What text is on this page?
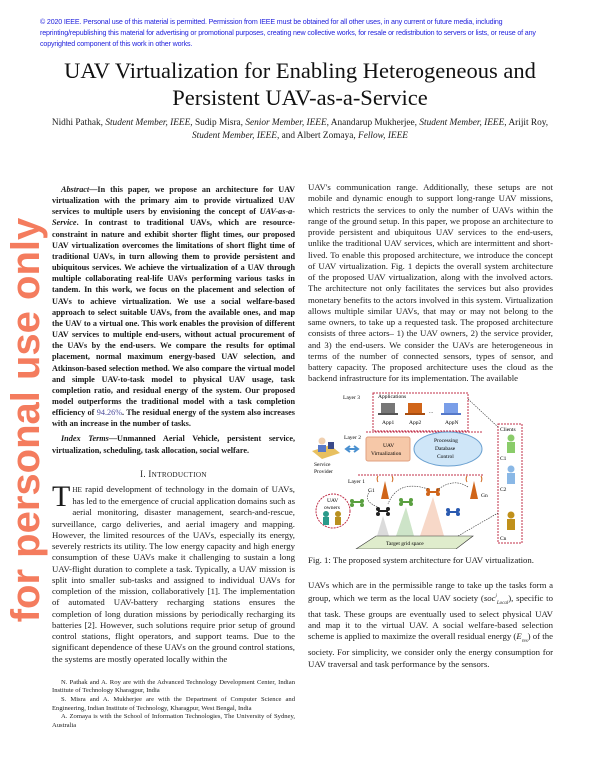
© 2020 IEEE. Personal use of this material is permitted. Permission from IEEE must be obtained for all other uses, in any current or future media, including reprinting/republishing this material for advertising or promotional purposes, creating new collective works, for resale or redistribution to servers or lists, or reuse of any copyrighted component of this work in other works.
UAV Virtualization for Enabling Heterogeneous and Persistent UAV-as-a-Service
Nidhi Pathak, Student Member, IEEE, Sudip Misra, Senior Member, IEEE, Anandarup Mukherjee, Student Member, IEEE, Arijit Roy, Student Member, IEEE, and Albert Zomaya, Fellow, IEEE
Abstract—In this paper, we propose an architecture for UAV virtualization with the primary aim to provide virtualized UAV services to multiple users by envisioning the concept of UAV-as-a-Service. In contrast to traditional UAVs, which are resource-constraint in nature and exhibit shorter flight times, our proposed UAV virtualization overcomes the limitations of short flight time of traditional UAVs, in turn allowing them to provide persistent and ubiquitous services. We achieve the virtualization of a UAV through multiple collaborating real-life UAVs performing various tasks in tandem. In this work, we focus on the placement and selection of UAVs to achieve virtualization. We use a social welfare-based approach to select suitable UAVs, from the available ones, and map the UAV to a virtual one. This work enables the provision of different UAV services to multiple end-users, without actual procurement of the UAVs by the end-users. We compare the results for optimal placement, normal maximum energy-based UAV selection, and Atkinson-based selection method. We also compare the virtual model and simple UAV-to-task model to physical UAV usage, task completion ratio, and residual energy of the system. Our proposed model outperforms the traditional model with a task completion efficiency of 94.26%. The residual energy of the system also increases with an increase in the number of tasks.
Index Terms—Unmanned Aerial Vehicle, persistent service, virtualization, scheduling, task allocation, social welfare.
I. INTRODUCTION
THE rapid development of technology in the domain of UAVs, has led to the emergence of crucial application domains such as aerial monitoring, disaster management, search-and-rescue, surveillance, cargo deliveries, and aerial imagery and mapping. However, the limited resources of the UAVs, especially its energy, severely restricts its utility. The low energy capacity and high energy consumption of these UAVs make it challenging to sustain a long UAV-flight duration to complete a task. Typically, a UAV mission is split into smaller sub-tasks and assigned to individual UAVs for completion of the mission, collaboratively [1]. The implementation of automated UAV-battery recharging stations ensures the completion of long duration missions by periodically recharging its batteries [2]. However, such solutions require prior setup of ground control stations, flight operators, and support teams. Due to the significant dependence of these UAVs on the ground control stations, the systems are mostly operated locally within the

N. Pathak and A. Roy are with the Advanced Technology Development Center, Indian Institute of Technology Kharagpur, India

S. Misra and A. Mukherjee are with the Department of Computer Science and Engineering, Indian Institute of Technology, Kharagpur, West Bengal, India

A. Zomaya is with the School of Information Technologies, The University of Sydney, Australia

UAV's communication range. Additionally, these setups are not mobile and dynamic enough to support long-range UAV missions, which restricts the services to only the number of UAVs within the range of the ground setup. In this paper, we propose an architecture to provide persistent and ubiquitous UAV services to the end-users, unlike the traditional UAV services, which are intermittent and short-lived. To enable this proposed architecture, we introduce the concept of UAV virtualization. Fig. 1 depicts the overall system architecture of the proposed UAV virtualization, along with the involved actors. The architecture not only facilitates the services but also provides monetary benefits to the actors involved in this system. Virtualization allows multiple similar UAVs, that may or may not belong to the same owners, to take up a requested task. The proposed architecture consists of three actors– 1) the UAV owners, 2) the service provider, and 3) the end-users. We consider the UAVs are heterogeneous in terms of the number of connected sensors, types of sensor, and battery capacity. The proposed architecture uses the cloud as the backend infrastructure for its implementation. The available
Layer 3	Applications
App1	App2
...
AppN
Layer 2
Service
Provider
UAV
Virtualization
Processing
Database
Control
Layer 1
UAV
owners
G1
Gn
Target grid space
Clients
C1
C2
Cn
Fig. 1: The proposed system architecture for UAV virtualization.
UAVs which are in the permissible range to take up the tasks form a group, which we term as the local UAV society (soc$^i_{Local}$), specific to that task. These groups are eventually used to select physical UAV and map it to the virtual UAV. A social welfare-based selection scheme is applied to maximize the overall residual energy $(E_{res})$ of the society. For simplicity, we consider only the energy consumption for UAV traversal and task performance by the sensors.
for personal use only
